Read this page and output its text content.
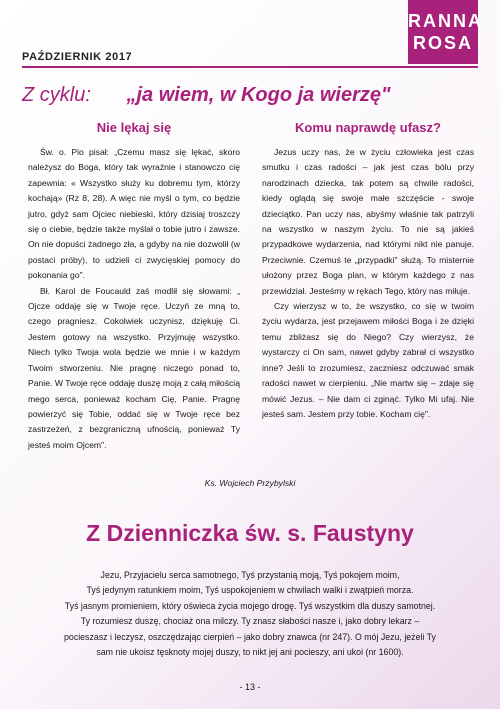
PAŹDZIERNIK 2017
RANNA
ROSA
Z cyklu: „ja wiem, w Kogo ja wierzę"
Nie lękaj się

Św. o. Pio pisał: „Czemu masz się lękać, skoro należysz do Boga, który tak wyraźnie i stanowczo cię zapewnia: « Wszystko służy ku dobremu tym, którzy kochają» (Rz 8, 28). A więc nie myśl o tym, co będzie jutro, gdyż sam Ojciec niebieski, który dzisiaj troszczy się o ciebie, będzie także myślał o tobie jutro i zawsze. On nie dopuści żadnego zła, a gdyby na nie dozwolił (w postaci próby), to udzieli ci zwycięskiej pomocy do pokonania go".

Bł. Karol de Foucauld zaś modlił się słowami: „ Ojcze oddaję się w Twoje ręce. Uczyń ze mną to, czego pragniesz. Cokolwiek uczynisz, dziękuję Ci. Jestem gotowy na wszystko. Przyjmuję wszystko. Niech tylko Twoja wola będzie we mnie i w każdym Twoim stworzeniu. Nie pragnę niczego ponad to, Panie. W Twoje ręce oddaję duszę moją z całą miłością mego serca, ponieważ kocham Cię, Panie. Pragnę powierzyć się Tobie, oddać się w Twoje ręce bez zastrzeżeń, z bezgraniczną ufnością, ponieważ Ty jesteś moim Ojcem".

Komu naprawdę ufasz?

Jezus uczy nas, że w życiu człowieka jest czas smutku i czas radości – jak jest czas bólu przy narodzinach dziecka, tak potem są chwile radości, kiedy oglądą się swoje małe szczęście - swoje dzieciątko. Pan uczy nas, abyśmy właśnie tak patrzyli na wszystko w naszym życiu. To nie są jakieś przypadkowe wydarzenia, nad którymi nikt nie panuje. Przeciwnie. Czemuś te „przypadki" służą. To misternie ułożony przez Boga plan, w którym każdego z nas przewidział. Jesteśmy w rękach Tego, który nas miłuje.

Czy wierzysz w to, że wszystko, co się w twoim życiu wydarza, jest przejawem miłości Boga i że dzięki temu zbliżasz się do Niego? Czy wierzysz, że wystarczy ci On sam, nawet gdyby zabrał ci wszystko inne? Jeśli to zrozumiesz, zaczniesz odczuwać smak radości nawet w cierpieniu. „Nie martw się – zdaje się mówić Jezus. – Nie dam ci zginąć. Tylko Mi ufaj. Nie jesteś sam. Jestem przy tobie. Kocham cię".

Ks. Wojciech Przybylski
Z Dzienniczka św. s. Faustyny
Jezu, Przyjacielu serca samotnego, Tyś przystanią moją, Tyś pokojem moim,
Tyś jedynym ratunkiem moim, Tyś uspokojeniem w chwilach walki i zwątpień morza.
Tyś jasnym promieniem, który oświeca życia mojego drogę. Tyś wszystkim dla duszy samotnej.
Ty rozumiesz duszę, chociaż ona milczy. Ty znasz słabości nasze i, jako dobry lekarz –
pocieszasz i leczysz, oszczędzając cierpień – jako dobry znawca (nr 247). O mój Jezu, jeżeli Ty
sam nie ukoisz tęsknoty mojej duszy, to nikt jej ani pocieszy, ani ukoi (nr 1600).
- 13 -
